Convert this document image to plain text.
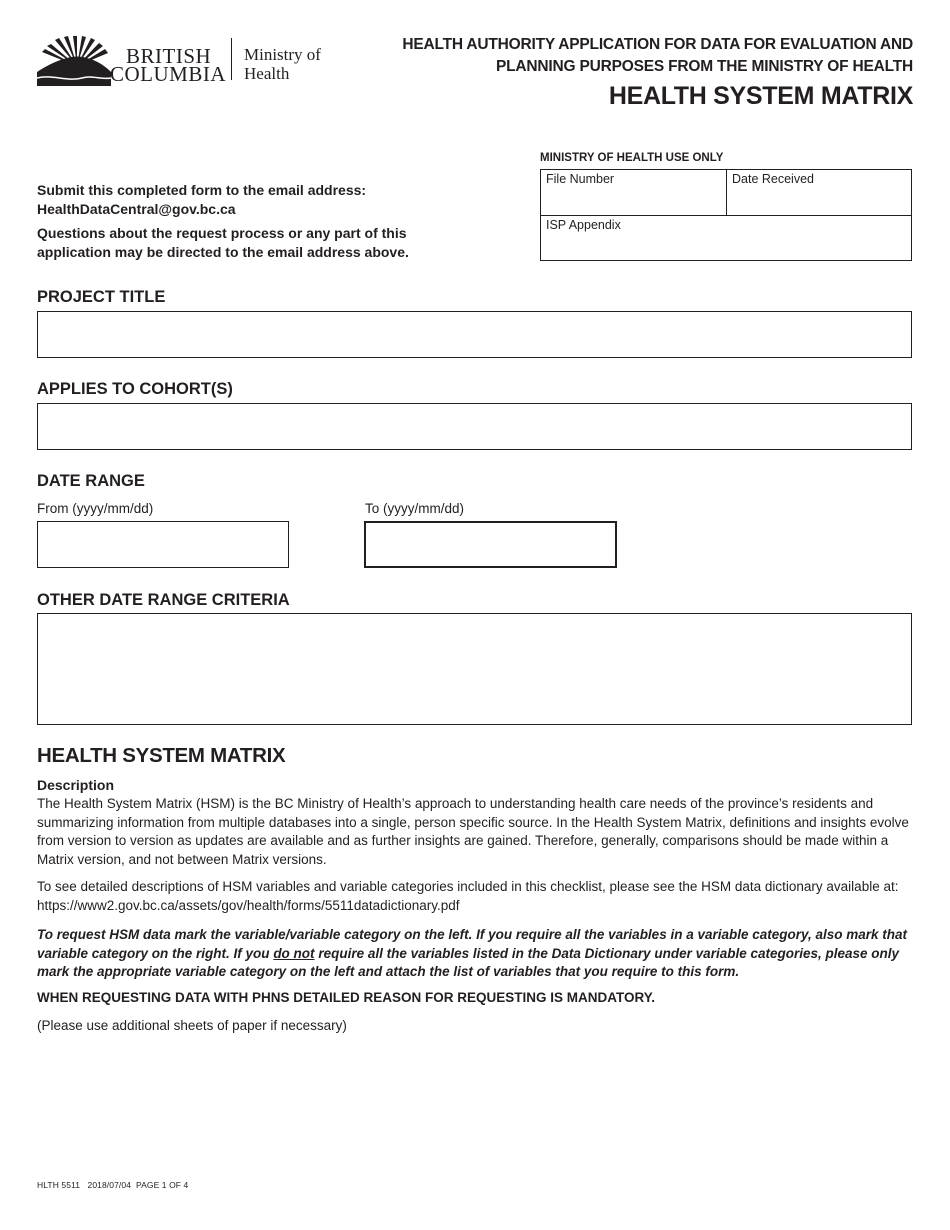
BRITISH
COLUMBIA
Ministry of
Health
HEALTH AUTHORITY APPLICATION FOR DATA FOR EVALUATION AND
PLANNING PURPOSES FROM THE MINISTRY OF HEALTH
HEALTH SYSTEM MATRIX
MINISTRY OF HEALTH USE ONLY
File Number	Date Received
ISP Appendix
Submit this completed form to the email address:
HealthDataCentral@gov.bc.ca
Questions about the request process or any part of this application may be directed to the email address above.
PROJECT TITLE
APPLIES TO COHORT(S)
DATE RANGE
From (yyyy/mm/dd)	To (yyyy/mm/dd)
OTHER DATE RANGE CRITERIA
HEALTH SYSTEM MATRIX
Description
The Health System Matrix (HSM) is the BC Ministry of Health’s approach to understanding health care needs of the province’s residents and summarizing information from multiple databases into a single, person specific source. In the Health System Matrix, definitions and insights evolve from version to version as updates are available and as further insights are gained. Therefore, generally, comparisons should be made within a Matrix version, and not between Matrix versions.
To see detailed descriptions of HSM variables and variable categories included in this checklist, please see the HSM data dictionary available at: https://www2.gov.bc.ca/assets/gov/health/forms/5511datadictionary.pdf
To request HSM data mark the variable/variable category on the left. If you require all the variables in a variable category, also mark that variable category on the right. If you do not require all the variables listed in the Data Dictionary under variable categories, please only mark the appropriate variable category on the left and attach the list of variables that you require to this form.
WHEN REQUESTING DATA WITH PHNS DETAILED REASON FOR REQUESTING IS MANDATORY.
(Please use additional sheets of paper if necessary)
HLTH 5511   2018/07/04  PAGE 1 OF 4
